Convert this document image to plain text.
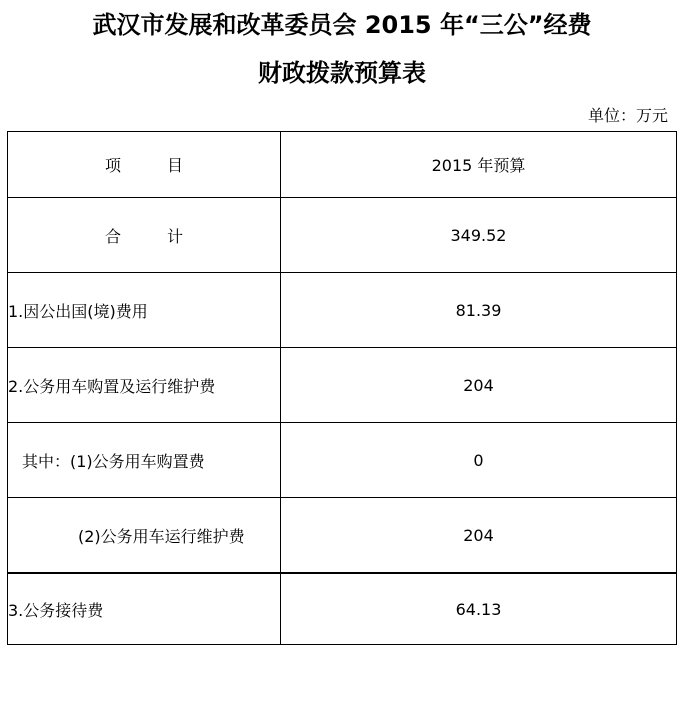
武汉市发展和改革委员会 2015 年“三公”经费
财政拨款预算表
单位：万元
项 目	2015 年预算
合 计	349.52
1.因公出国(境)费用	81.39
2.公务用车购置及运行维护费	204
其中：(1)公务用车购置费	0
(2)公务用车运行维护费	204
3.公务接待费	64.13
